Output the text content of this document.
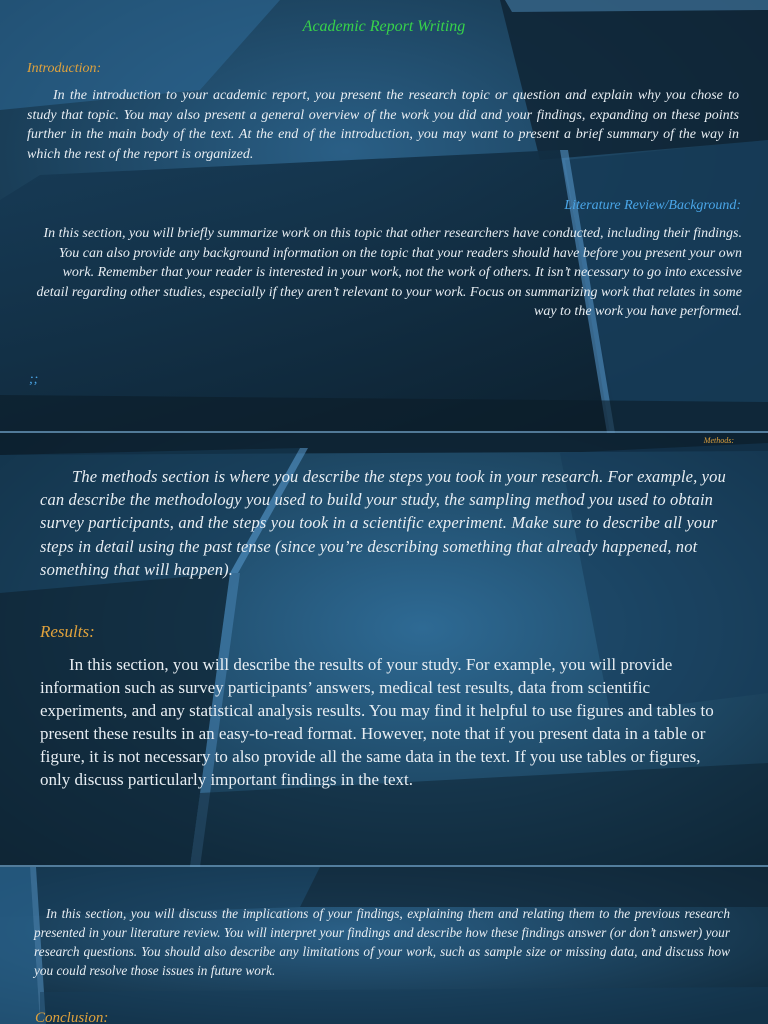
Academic Report Writing
Introduction:
In the introduction to your academic report, you present the research topic or question and explain why you chose to study that topic. You may also present a general overview of the work you did and your findings, expanding on these points further in the main body of the text. At the end of the introduction, you may want to present a brief summary of the way in which the rest of the report is organized.
Literature Review/Background:
In this section, you will briefly summarize work on this topic that other researchers have conducted, including their findings. You can also provide any background information on the topic that your readers should have before you present your own work. Remember that your reader is interested in your work, not the work of others. It isn’t necessary to go into excessive detail regarding other studies, especially if they aren’t relevant to your work. Focus on summarizing work that relates in some way to the work you have performed.
;;
Methods:
The methods section is where you describe the steps you took in your research. For example, you can describe the methodology you used to build your study, the sampling method you used to obtain survey participants, and the steps you took in a scientific experiment. Make sure to describe all your steps in detail using the past tense (since you’re describing something that already happened, not something that will happen).
Results:
In this section, you will describe the results of your study. For example, you will provide information such as survey participants’ answers, medical test results, data from scientific experiments, and any statistical analysis results. You may find it helpful to use figures and tables to present these results in an easy-to-read format. However, note that if you present data in a table or figure, it is not necessary to also provide all the same data in the text. If you use tables or figures, only discuss particularly important findings in the text.
In this section, you will discuss the implications of your findings, explaining them and relating them to the previous research presented in your literature review. You will interpret your findings and describe how these findings answer (or don’t answer) your research questions. You should also describe any limitations of your work, such as sample size or missing data, and discuss how you could resolve those issues in future work.
Conclusion:
